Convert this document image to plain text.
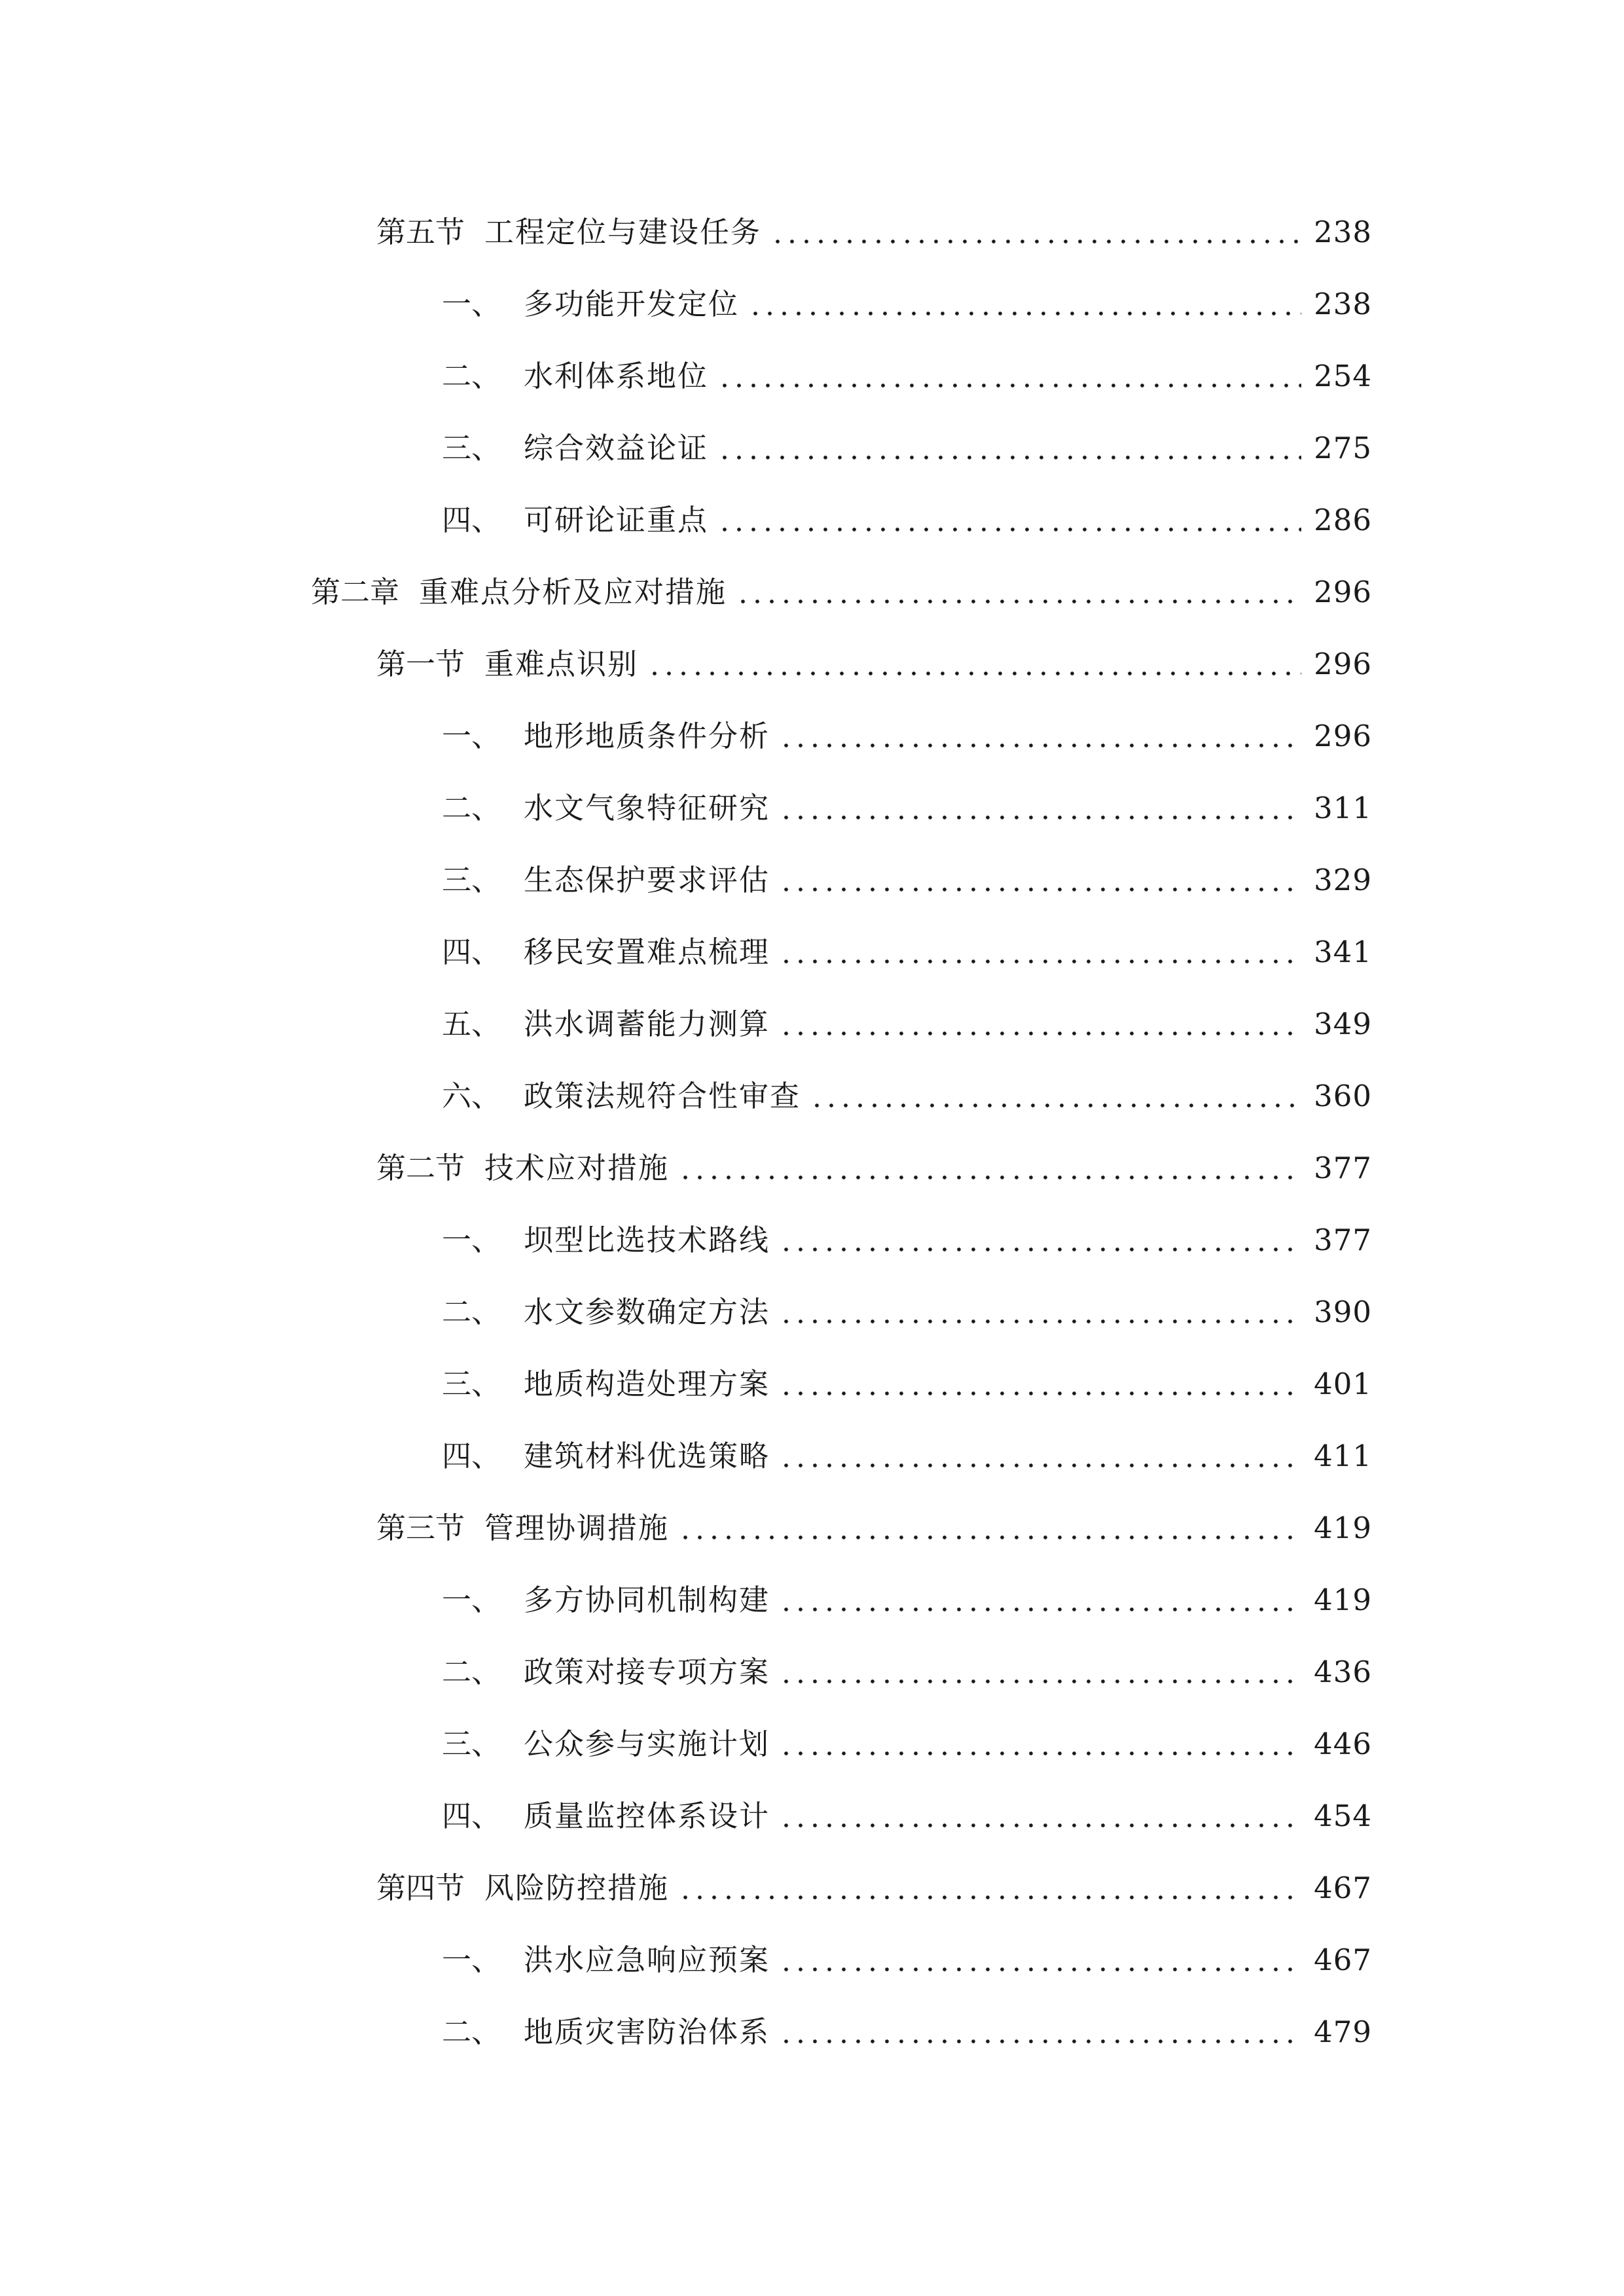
第五节 工程定位与建设任务	238
一、 多功能开发定位	238
二、 水利体系地位	254
三、 综合效益论证	275
四、 可研论证重点	286
第二章 重难点分析及应对措施	296
第一节 重难点识别	296
一、 地形地质条件分析	296
二、 水文气象特征研究	311
三、 生态保护要求评估	329
四、 移民安置难点梳理	341
五、 洪水调蓄能力测算	349
六、 政策法规符合性审查	360
第二节 技术应对措施	377
一、 坝型比选技术路线	377
二、 水文参数确定方法	390
三、 地质构造处理方案	401
四、 建筑材料优选策略	411
第三节 管理协调措施	419
一、 多方协同机制构建	419
二、 政策对接专项方案	436
三、 公众参与实施计划	446
四、 质量监控体系设计	454
第四节 风险防控措施	467
一、 洪水应急响应预案	467
二、 地质灾害防治体系	479
